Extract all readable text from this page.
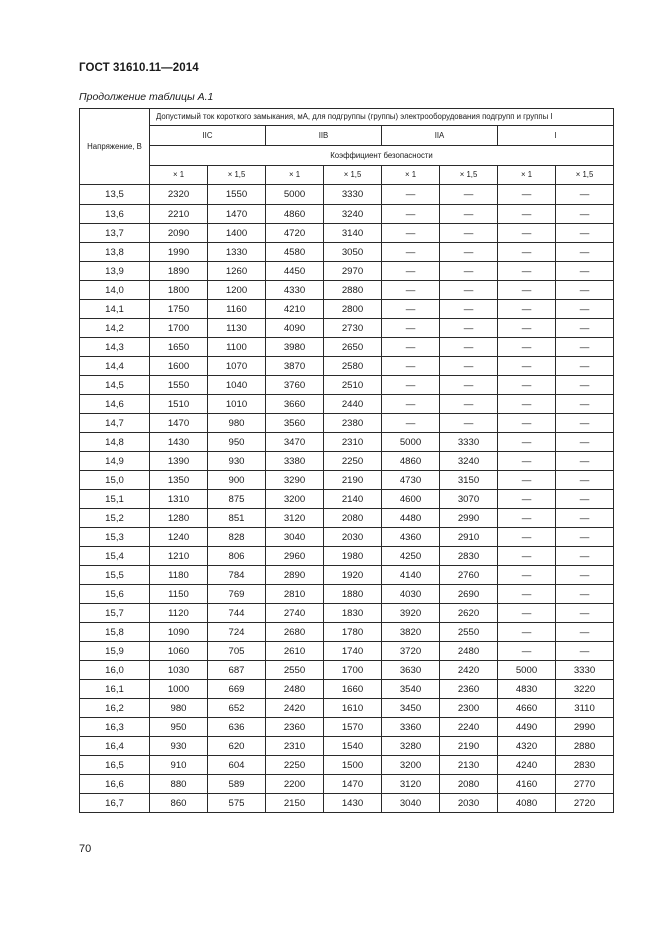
ГОСТ 31610.11—2014
Продолжение таблицы А.1
Напряжение, В	Допустимый ток короткого замыкания, мА, для подгруппы (группы) электрооборудования подгрупп и группы I							
	IIC		IIB		IIA		I	
	Коэффициент безопасности							
	× 1	× 1,5	× 1	× 1,5	× 1	× 1,5	× 1	× 1,5
13,5	2320	1550	5000	3330	—	—	—	—
13,6	2210	1470	4860	3240	—	—	—	—
13,7	2090	1400	4720	3140	—	—	—	—
13,8	1990	1330	4580	3050	—	—	—	—
13,9	1890	1260	4450	2970	—	—	—	—
14,0	1800	1200	4330	2880	—	—	—	—
14,1	1750	1160	4210	2800	—	—	—	—
14,2	1700	1130	4090	2730	—	—	—	—
14,3	1650	1100	3980	2650	—	—	—	—
14,4	1600	1070	3870	2580	—	—	—	—
14,5	1550	1040	3760	2510	—	—	—	—
14,6	1510	1010	3660	2440	—	—	—	—
14,7	1470	980	3560	2380	—	—	—	—
14,8	1430	950	3470	2310	5000	3330	—	—
14,9	1390	930	3380	2250	4860	3240	—	—
15,0	1350	900	3290	2190	4730	3150	—	—
15,1	1310	875	3200	2140	4600	3070	—	—
15,2	1280	851	3120	2080	4480	2990	—	—
15,3	1240	828	3040	2030	4360	2910	—	—
15,4	1210	806	2960	1980	4250	2830	—	—
15,5	1180	784	2890	1920	4140	2760	—	—
15,6	1150	769	2810	1880	4030	2690	—	—
15,7	1120	744	2740	1830	3920	2620	—	—
15,8	1090	724	2680	1780	3820	2550	—	—
15,9	1060	705	2610	1740	3720	2480	—	—
16,0	1030	687	2550	1700	3630	2420	5000	3330
16,1	1000	669	2480	1660	3540	2360	4830	3220
16,2	980	652	2420	1610	3450	2300	4660	3110
16,3	950	636	2360	1570	3360	2240	4490	2990
16,4	930	620	2310	1540	3280	2190	4320	2880
16,5	910	604	2250	1500	3200	2130	4240	2830
16,6	880	589	2200	1470	3120	2080	4160	2770
16,7	860	575	2150	1430	3040	2030	4080	2720
70
